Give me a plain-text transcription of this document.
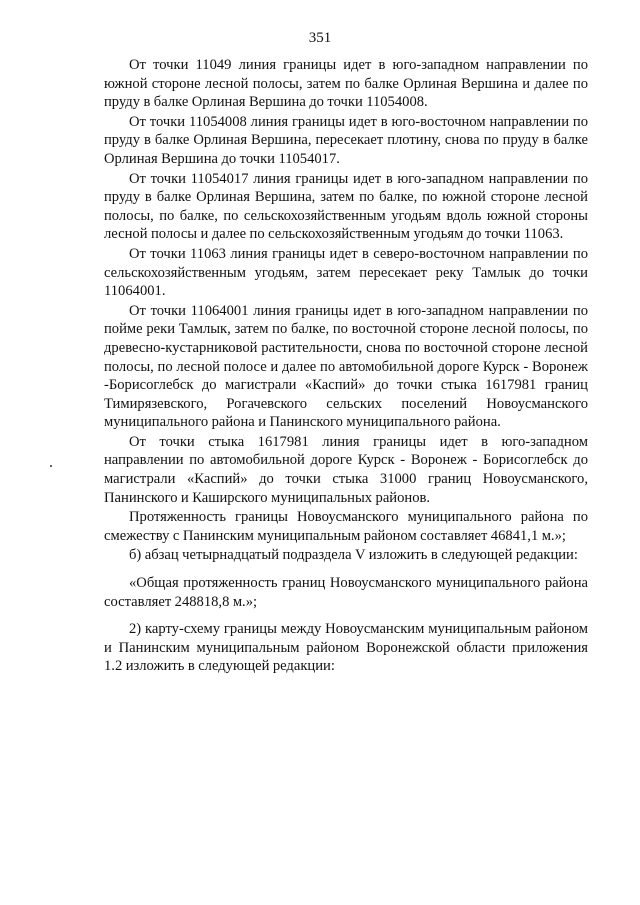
351

От точки 11049 линия границы идет в юго-западном направлении по южной стороне лесной полосы, затем по балке Орлиная Вершина и далее по пруду в балке Орлиная Вершина до точки 11054008.

От точки 11054008 линия границы идет в юго-восточном направлении по пруду в балке Орлиная Вершина, пересекает плотину, снова по пруду в балке Орлиная Вершина до точки 11054017.

От точки 11054017 линия границы идет в юго-западном направлении по пруду в балке Орлиная Вершина, затем по балке, по южной стороне лесной полосы, по балке, по сельскохозяйственным угодьям вдоль южной стороны лесной полосы и далее по сельскохозяйственным угодьям до точки 11063.

От точки 11063 линия границы идет в северо-восточном направлении по сельскохозяйственным угодьям, затем пересекает реку Тамлык до точки 11064001.

От точки 11064001 линия границы идет в юго-западном направлении по пойме реки Тамлык, затем по балке, по восточной стороне лесной полосы, по древесно-кустарниковой растительности, снова по восточной стороне лесной полосы, по лесной полосе и далее по автомобильной дороге Курск - Воронеж -Борисоглебск до магистрали «Каспий» до точки стыка 1617981 границ Тимирязевского, Рогачевского сельских поселений Новоусманского муниципального района и Панинского муниципального района.

От точки стыка 1617981 линия границы идет в юго-западном направлении по автомобильной дороге Курск - Воронеж - Борисоглебск до магистрали «Каспий» до точки стыка 31000 границ Новоусманского, Панинского и Каширского муниципальных районов.

Протяженность границы Новоусманского муниципального района по смежеству с Панинским муниципальным районом составляет 46841,1 м.»;

б) абзац четырнадцатый подраздела V изложить в следующей редакции:

«Общая протяженность границ Новоусманского муниципального района составляет 248818,8 м.»;

2) карту-схему границы между Новоусманским муниципальным районом и Панинским муниципальным районом Воронежской области приложения 1.2 изложить в следующей редакции:
